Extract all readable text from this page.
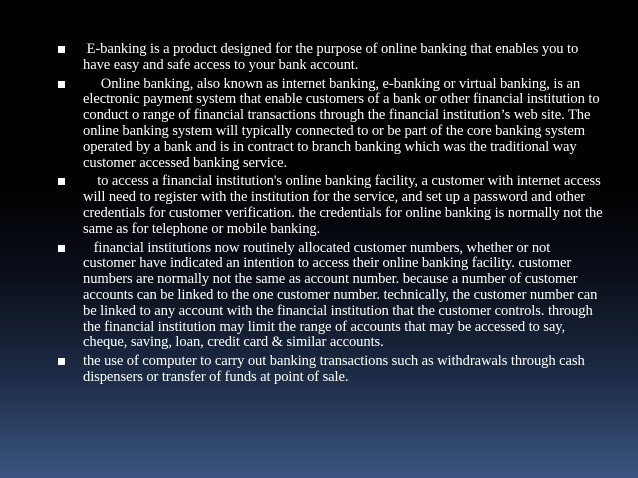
E-banking is a product designed for the purpose of online banking that enables you to have easy and safe access to your bank account.
Online banking, also known as internet banking, e-banking or virtual banking, is an electronic payment system that enable customers of a bank or other financial institution to conduct o range of financial transactions through the financial institution’s web site. The online banking system will typically connected to or be part of the core banking system operated by a bank and is in contract to branch banking which was the traditional way customer accessed banking service.
to access a financial institution's online banking facility, a customer with internet access will need to register with the institution for the service, and set up a password and other credentials for customer verification. the credentials for online banking is normally not the same as for telephone or mobile banking.
financial institutions now routinely allocated customer numbers, whether or not customer have indicated an intention to access their online banking facility. customer numbers are normally not the same as account number. because a number of customer accounts can be linked to the one customer number. technically, the customer number can be linked to any account with the financial institution that the customer controls. through the financial institution may limit the range of accounts that may be accessed to say, cheque, saving, loan, credit card & similar accounts.
the use of computer to carry out banking transactions such as withdrawals through cash dispensers or transfer of funds at point of sale.
